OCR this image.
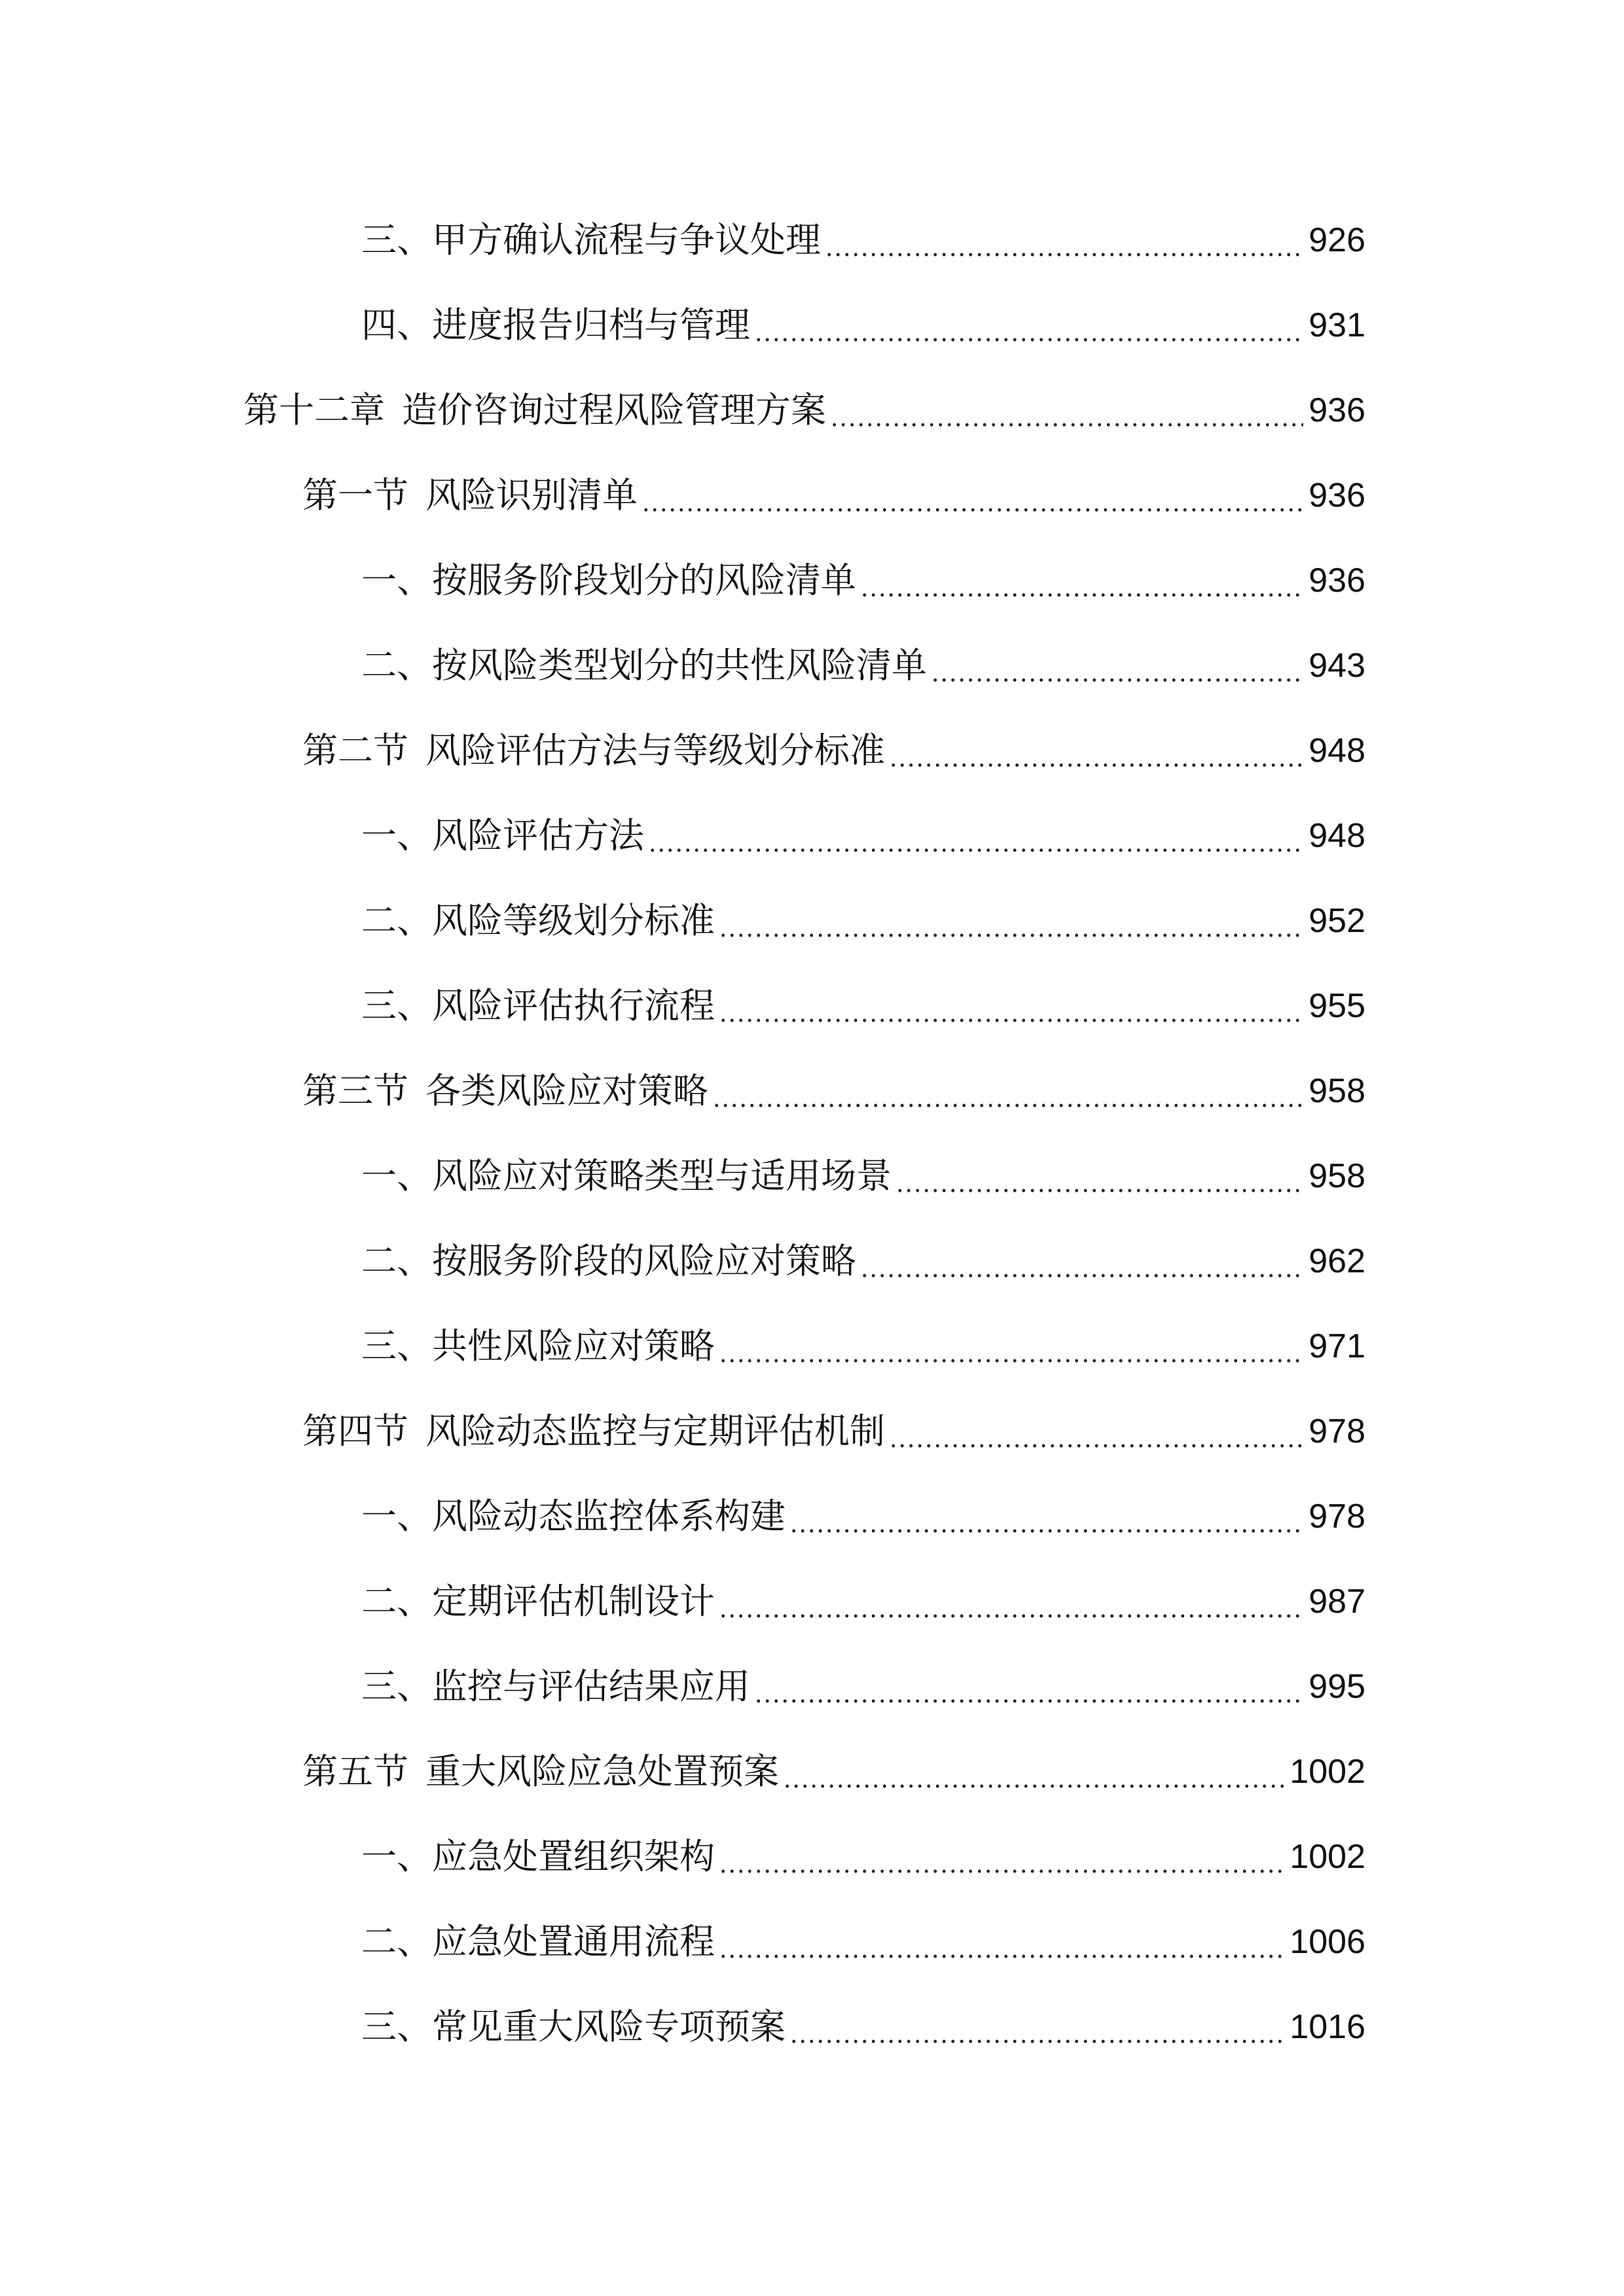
三、 甲方确认流程与争议处理	926
四、 进度报告归档与管理	931
第十二章 造价咨询过程风险管理方案	936
第一节 风险识别清单	936
一、 按服务阶段划分的风险清单	936
二、 按风险类型划分的共性风险清单	943
第二节 风险评估方法与等级划分标准	948
一、 风险评估方法	948
二、 风险等级划分标准	952
三、 风险评估执行流程	955
第三节 各类风险应对策略	958
一、 风险应对策略类型与适用场景	958
二、 按服务阶段的风险应对策略	962
三、 共性风险应对策略	971
第四节 风险动态监控与定期评估机制	978
一、 风险动态监控体系构建	978
二、 定期评估机制设计	987
三、 监控与评估结果应用	995
第五节 重大风险应急处置预案	1002
一、 应急处置组织架构	1002
二、 应急处置通用流程	1006
三、 常见重大风险专项预案	1016
